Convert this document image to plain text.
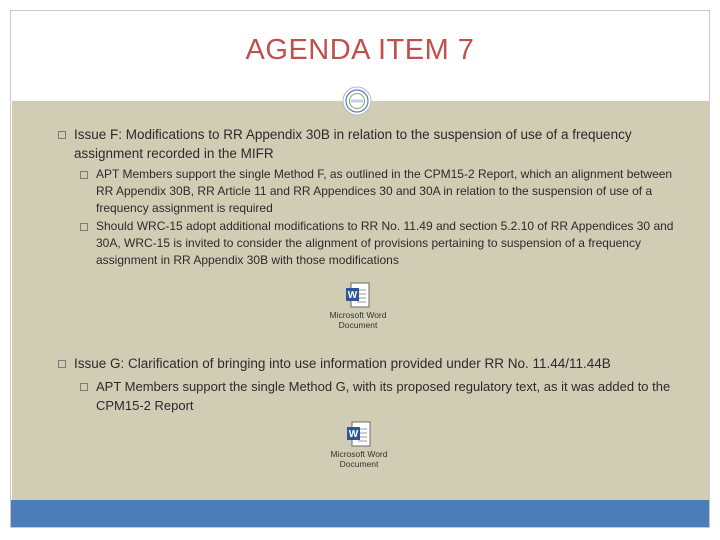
AGENDA ITEM 7
Issue F: Modifications to RR Appendix 30B in relation to the suspension of use of a frequency assignment recorded in the MIFR
APT Members support the single Method F, as outlined in the CPM15-2 Report, which an alignment between RR Appendix 30B, RR Article 11 and RR Appendices 30 and 30A in relation to the suspension of use of a frequency assignment is required
Should WRC-15 adopt additional modifications to RR No. 11.49 and section 5.2.10 of RR Appendices 30 and 30A, WRC-15 is invited to consider the alignment of provisions pertaining to suspension of a frequency assignment in RR Appendix 30B with those modifications
W
Microsoft Word Document
Issue G: Clarification of bringing into use information provided under RR No. 11.44/11.44B
APT Members support the single Method G, with its proposed regulatory text, as it was added to the CPM15-2 Report
W
Microsoft Word Document
